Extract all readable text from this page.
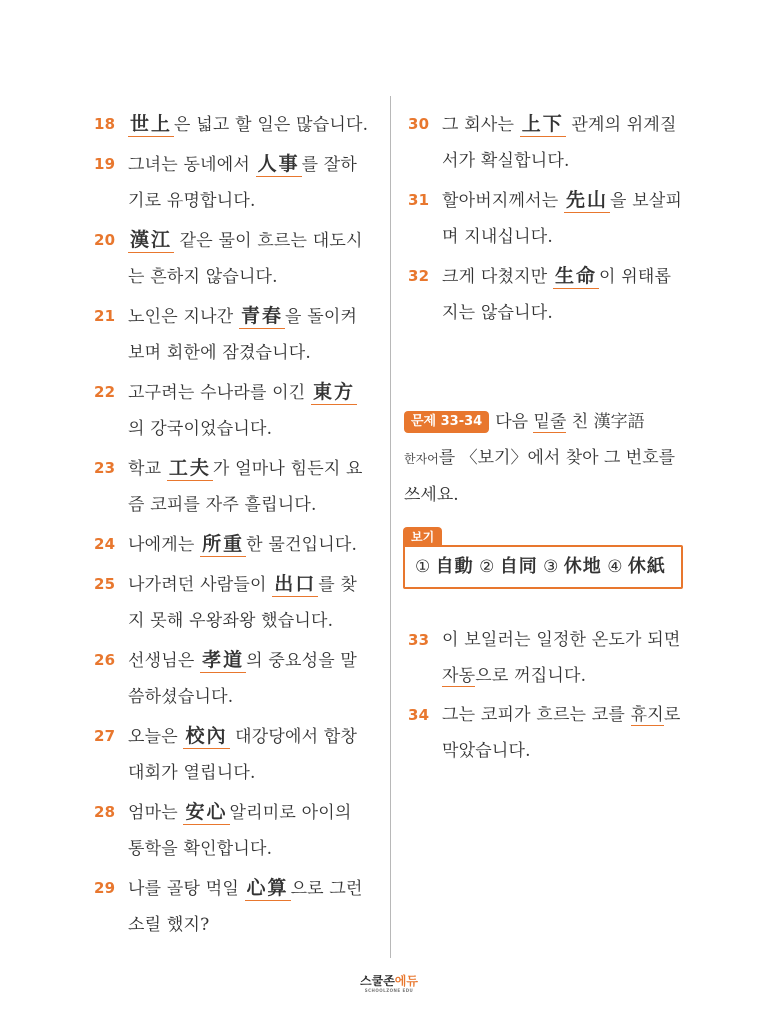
18 世上 은 넓고 할 일은 많습니다.
19 그녀는 동네에서 人事 를 잘하
기로 유명합니다.
20 漢江 같은 물이 흐르는 대도시
는 흔하지 않습니다.
21 노인은 지나간 青春 을 돌이켜
보며 회한에 잠겼습니다.
22 고구려는 수나라를 이긴 東方
의 강국이었습니다.
23 학교 工夫 가 얼마나 힘든지 요
즘 코피를 자주 흘립니다.
24 나에게는 所重 한 물건입니다.
25 나가려던 사람들이 出口 를 찾
지 못해 우왕좌왕 했습니다.
26 선생님은 孝道 의 중요성을 말
씀하셨습니다.
27 오늘은 校內 대강당에서 합창
대회가 열립니다.
28 엄마는 安心 알리미로 아이의
통학을 확인합니다.
29 나를 골탕 먹일 心算 으로 그런
소릴 했지?
30 그 회사는 上下 관계의 위계질
서가 확실합니다.
31 할아버지께서는 先山 을 보살피
며 지내십니다.
32 크게 다쳤지만 生命 이 위태롭
지는 않습니다.
문제 33-34 다음 밑줄 친 漢字語
한자어를 〈보기〉에서 찾아 그 번호를
쓰세요.
보기
① 自動 ② 自同 ③ 休地 ④ 休紙
33 이 보일러는 일정한 온도가 되면
자동으로 꺼집니다.
34 그는 코피가 흐르는 코를 휴지로
막았습니다.
스쿨존에듀
SCHOOLZONE EDU
